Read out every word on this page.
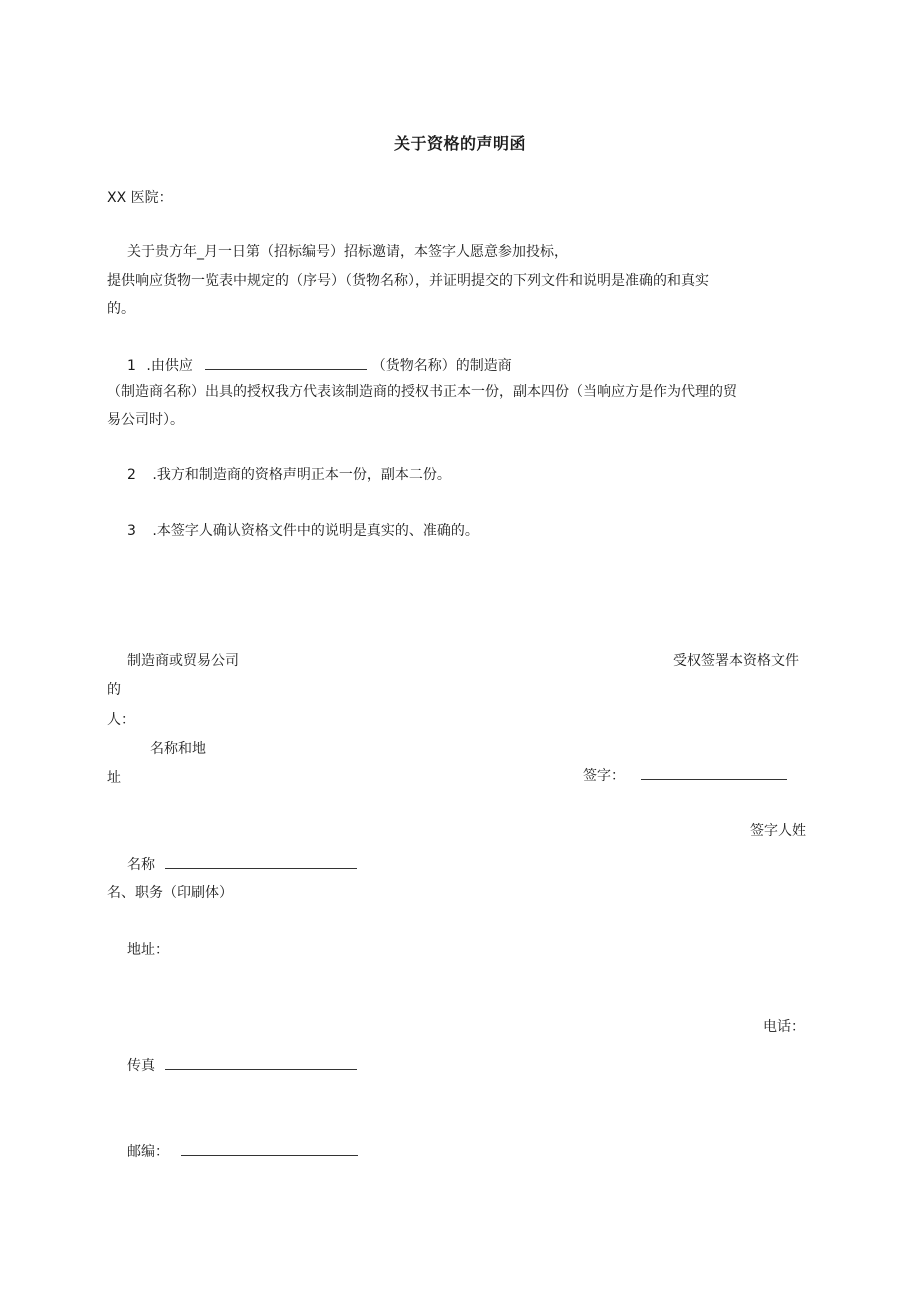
关于资格的声明函
XX 医院：
关于贵方年_月一日第（招标编号）招标邀请，本签字人愿意参加投标，
提供响应货物一览表中规定的（序号）（货物名称），并证明提交的下列文件和说明是准确的和真实
的。
1 .由供应	（货物名称）的制造商
（制造商名称）出具的授权我方代表该制造商的授权书正本一份，副本四份（当响应方是作为代理的贸
易公司时）。
2 .我方和制造商的资格声明正本一份，副本二份。
3 .本签字人确认资格文件中的说明是真实的、准确的。
制造商或贸易公司	受权签署本资格文件
的
人：
名称和地
址	签字：
签字人姓
名称
名、职务（印刷体）
地址：
电话：
传真
邮编：
